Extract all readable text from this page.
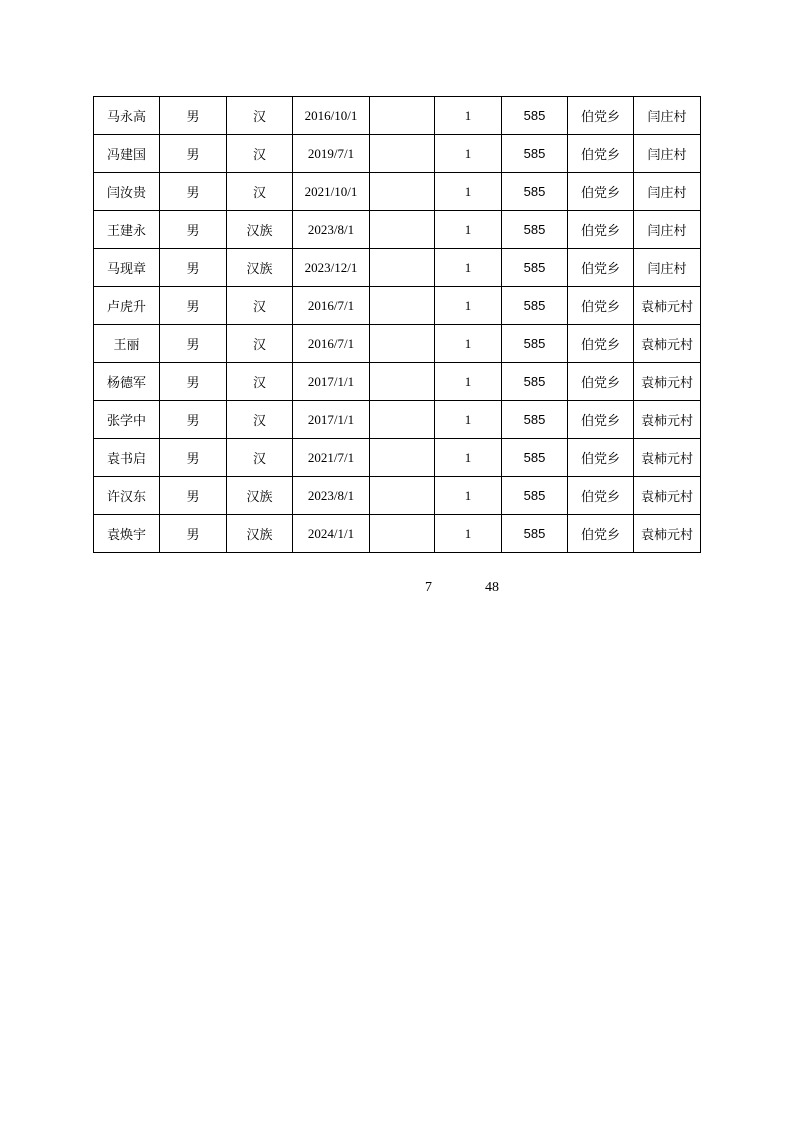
马永高	男	汉	2016/10/1		1	585	伯党乡	闫庄村
冯建国	男	汉	2019/7/1		1	585	伯党乡	闫庄村
闫汝贵	男	汉	2021/10/1		1	585	伯党乡	闫庄村
王建永	男	汉族	2023/8/1		1	585	伯党乡	闫庄村
马现章	男	汉族	2023/12/1		1	585	伯党乡	闫庄村
卢虎升	男	汉	2016/7/1		1	585	伯党乡	袁柿元村
王丽	男	汉	2016/7/1		1	585	伯党乡	袁柿元村
杨德军	男	汉	2017/1/1		1	585	伯党乡	袁柿元村
张学中	男	汉	2017/1/1		1	585	伯党乡	袁柿元村
袁书启	男	汉	2021/7/1		1	585	伯党乡	袁柿元村
许汉东	男	汉族	2023/8/1		1	585	伯党乡	袁柿元村
袁焕宇	男	汉族	2024/1/1		1	585	伯党乡	袁柿元村
7	48
